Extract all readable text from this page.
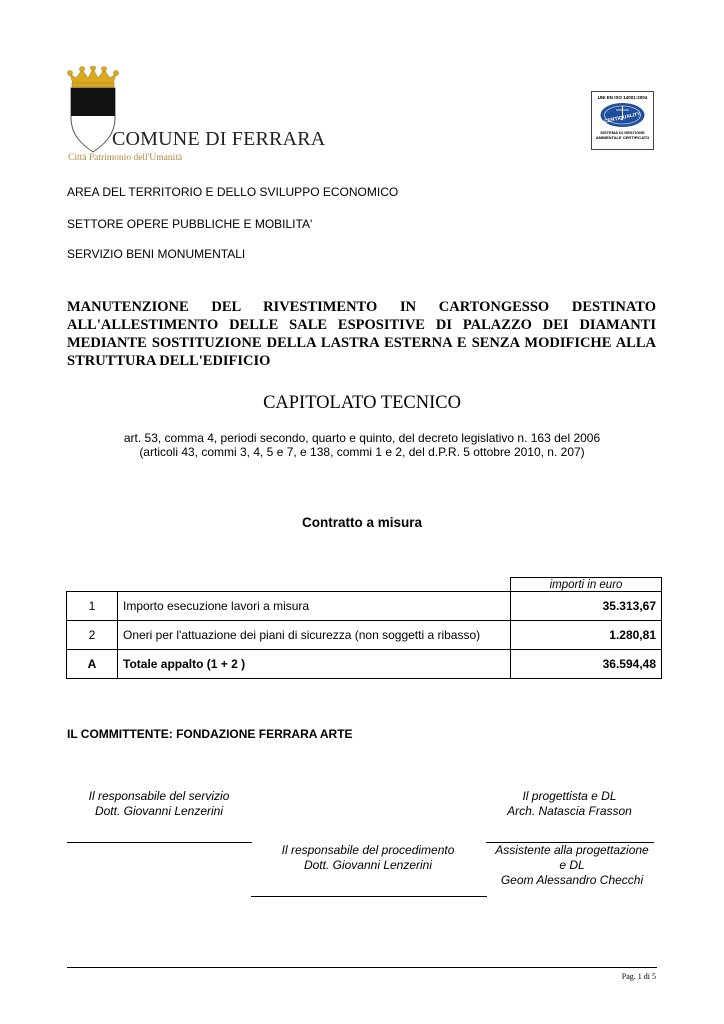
COMUNE DI FERRARA
Città Patrimonio dell'Umanità
UNI EN ISO 14001:2004
CERTIQUALITY
SISTEMA DI GESTIONE
AMBIENTALE CERTIFICATO
AREA DEL TERRITORIO E DELLO SVILUPPO ECONOMICO
SETTORE OPERE PUBBLICHE E MOBILITA'
SERVIZIO BENI MONUMENTALI
MANUTENZIONE DEL RIVESTIMENTO IN CARTONGESSO DESTINATO ALL'ALLESTIMENTO DELLE SALE ESPOSITIVE DI PALAZZO DEI DIAMANTI MEDIANTE SOSTITUZIONE DELLA LASTRA ESTERNA E SENZA MODIFICHE ALLA STRUTTURA DELL'EDIFICIO
CAPITOLATO TECNICO
art. 53, comma 4, periodi secondo, quarto e quinto, del decreto legislativo n. 163 del 2006
(articoli 43, commi 3, 4, 5 e 7, e 138, commi 1 e 2, del d.P.R. 5 ottobre 2010, n. 207)
Contratto a misura
		importi in euro
1	Importo esecuzione lavori a misura	35.313,67
2	Oneri per l'attuazione dei piani di sicurezza (non soggetti a ribasso)	1.280,81
A	Totale appalto (1 + 2 )	36.594,48
IL COMMITTENTE: FONDAZIONE FERRARA ARTE
Il responsabile del servizio
Dott. Giovanni Lenzerini
Il progettista e DL
Arch. Natascia Frasson
Il responsabile del procedimento
Dott. Giovanni Lenzerini
Assistente alla progettazione
e DL
Geom Alessandro Checchi
Pag. 1 di 5
